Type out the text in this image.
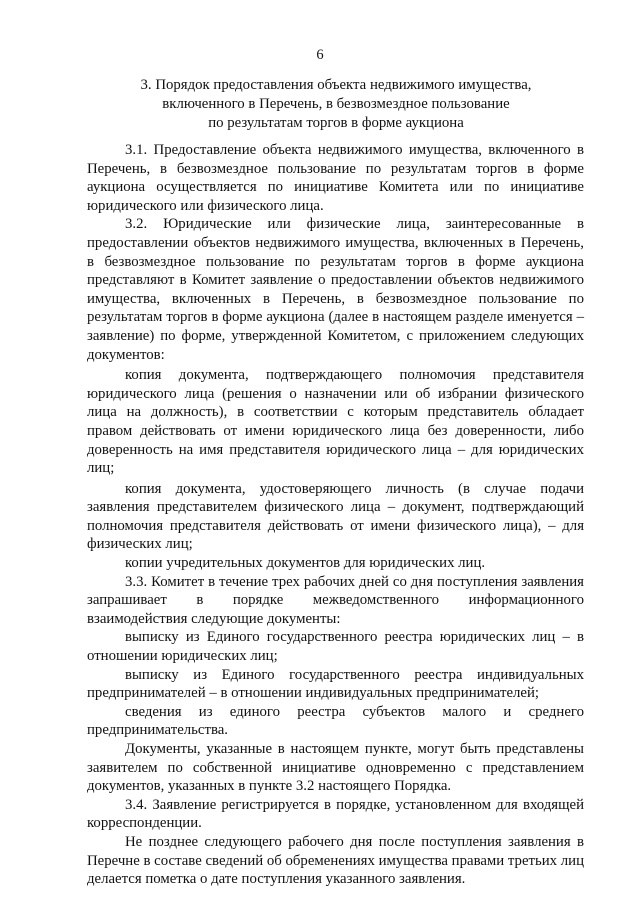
6
3. Порядок предоставления объекта недвижимого имущества,
включенного в Перечень, в безвозмездное пользование
по результатам торгов в форме аукциона

3.1. Предоставление объекта недвижимого имущества, включенного в Перечень, в безвозмездное пользование по результатам торгов в форме аукциона осуществляется по инициативе Комитета или по инициативе юридического или физического лица.

3.2. Юридические или физические лица, заинтересованные в предоставлении объектов недвижимого имущества, включенных в Перечень, в безвозмездное пользование по результатам торгов в форме аукциона представляют в Комитет заявление о предоставлении объектов недвижимого имущества, включенных в Перечень, в безвозмездное пользование по результатам торгов в форме аукциона (далее в настоящем разделе именуется – заявление) по форме, утвержденной Комитетом, с приложением следующих документов:

копия документа, подтверждающего полномочия представителя юридического лица (решения о назначении или об избрании физического лица на должность), в соответствии с которым представитель обладает правом действовать от имени юридического лица без доверенности, либо доверенность на имя представителя юридического лица – для юридических лиц;

копия документа, удостоверяющего личность (в случае подачи заявления представителем физического лица – документ, подтверждающий полномочия представителя действовать от имени физического лица), – для физических лиц;

копии учредительных документов для юридических лиц.

3.3. Комитет в течение трех рабочих дней со дня поступления заявления запрашивает в порядке межведомственного информационного взаимодействия следующие документы:

выписку из Единого государственного реестра юридических лиц – в отношении юридических лиц;

выписку из Единого государственного реестра индивидуальных предпринимателей – в отношении индивидуальных предпринимателей;

сведения из единого реестра субъектов малого и среднего предпринимательства.

Документы, указанные в настоящем пункте, могут быть представлены заявителем по собственной инициативе одновременно с представлением документов, указанных в пункте 3.2 настоящего Порядка.

3.4. Заявление регистрируется в порядке, установленном для входящей корреспонденции.

Не позднее следующего рабочего дня после поступления заявления в Перечне в составе сведений об обременениях имущества правами третьих лиц делается пометка о дате поступления указанного заявления.
